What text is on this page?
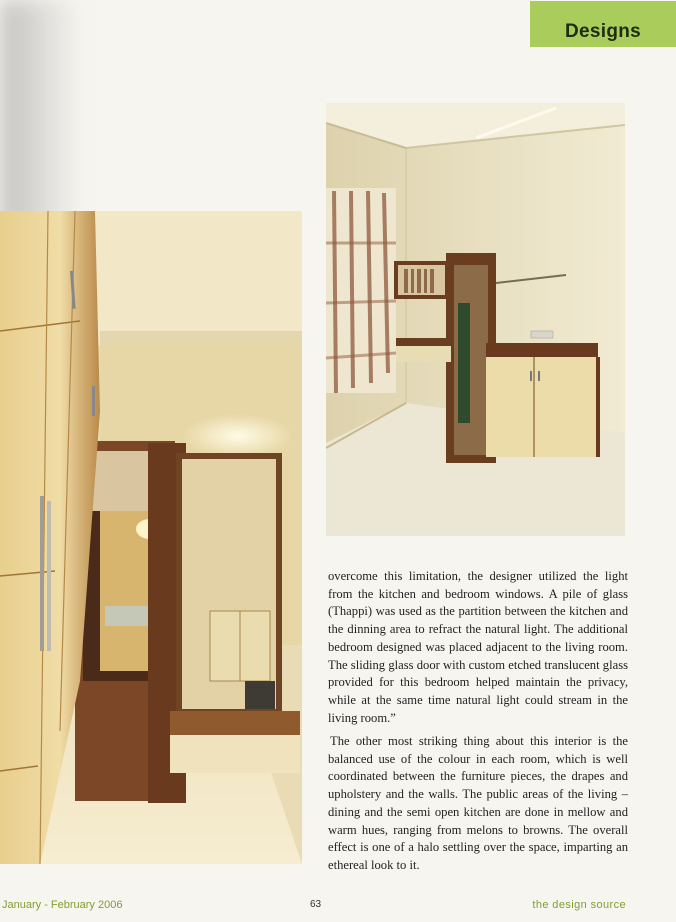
Designs

overcome this limitation, the designer utilized the light from the kitchen and bedroom windows. A pile of glass (Thappi) was used as the partition between the kitchen and the dinning area to refract the natural light. The additional bedroom designed was placed adjacent to the living room. The sliding glass door with custom etched translucent glass provided for this bedroom helped maintain the privacy, while at the same time natural light could stream in the living room.”

The other most striking thing about this interior is the balanced use of the colour in each room, which is well coordinated between the furniture pieces, the drapes and upholstery and the walls. The public areas of the living – dining and the semi open kitchen are done in mellow and warm hues, ranging from melons to browns. The overall effect is one of a halo settling over the space, imparting an ethereal look to it.

January - February 2006	63	the design source
